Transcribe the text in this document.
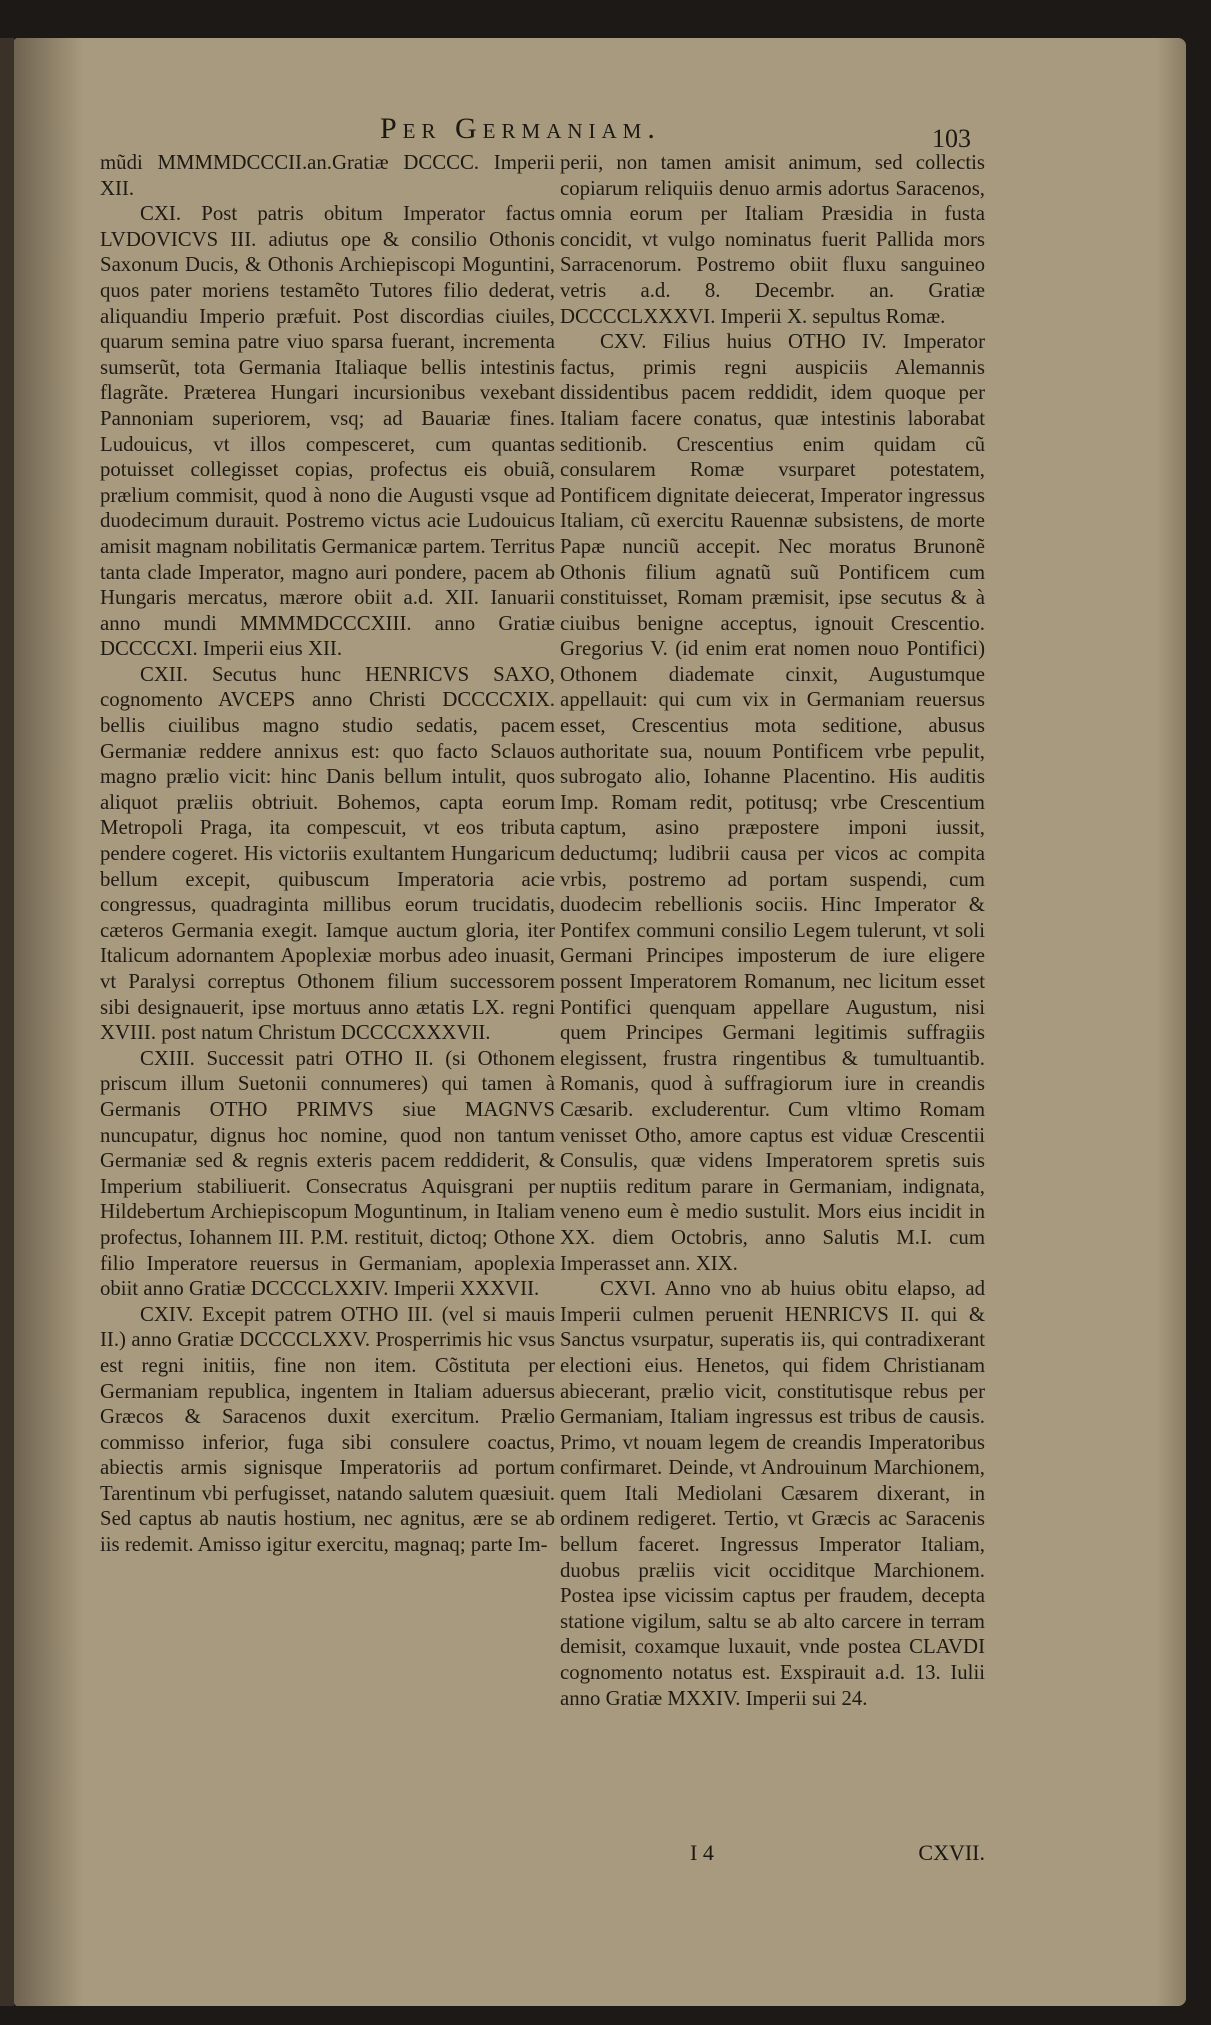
Per Germaniam.	103

mũdi MMMMDCCCII.an.Gratiæ DCCCC. Imperii XII.

CXI. Post patris obitum Imperator factus LVDOVICVS III. adiutus ope & consilio Othonis Saxonum Ducis, & Othonis Archiepiscopi Moguntini, quos pater moriens testamẽto Tutores filio dederat, aliquandiu Imperio præfuit. Post discordias ciuiles, quarum semina patre viuo sparsa fuerant, incrementa sumserũt, tota Germania Italiaque bellis intestinis flagrãte. Præterea Hungari incursionibus vexebant Pannoniam superiorem, vsq; ad Bauariæ fines. Ludouicus, vt illos compesceret, cum quantas potuisset collegisset copias, profectus eis obuiã, prælium commisit, quod à nono die Augusti vsque ad duodecimum durauit. Postremo victus acie Ludouicus amisit magnam nobilitatis Germanicæ partem. Territus tanta clade Imperator, magno auri pondere, pacem ab Hungaris mercatus, mærore obiit a.d. XII. Ianuarii anno mundi MMMMDCCCXIII. anno Gratiæ DCCCCXI. Imperii eius XII.

CXII. Secutus hunc HENRICVS SAXO, cognomento AVCEPS anno Christi DCCCCXIX. bellis ciuilibus magno studio sedatis, pacem Germaniæ reddere annixus est: quo facto Sclauos magno prælio vicit: hinc Danis bellum intulit, quos aliquot præliis obtriuit. Bohemos, capta eorum Metropoli Praga, ita compescuit, vt eos tributa pendere cogeret. His victoriis exultantem Hungaricum bellum excepit, quibuscum Imperatoria acie congressus, quadraginta millibus eorum trucidatis, cæteros Germania exegit. Iamque auctum gloria, iter Italicum adornantem Apoplexiæ morbus adeo inuasit, vt Paralysi correptus Othonem filium successorem sibi designauerit, ipse mortuus anno ætatis LX. regni XVIII. post natum Christum DCCCCXXXVII.

CXIII. Successit patri OTHO II. (si Othonem priscum illum Suetonii connumeres) qui tamen à Germanis OTHO PRIMVS siue MAGNVS nuncupatur, dignus hoc nomine, quod non tantum Germaniæ sed & regnis exteris pacem reddiderit, & Imperium stabiliuerit. Consecratus Aquisgrani per Hildebertum Archiepiscopum Moguntinum, in Italiam profectus, Iohannem III. P.M. restituit, dictoq; Othone filio Imperatore reuersus in Germaniam, apoplexia obiit anno Gratiæ DCCCCLXXIV. Imperii XXXVII.

CXIV. Excepit patrem OTHO III. (vel si mauis II.) anno Gratiæ DCCCCLXXV. Prosperrimis hic vsus est regni initiis, fine non item. Cõstituta per Germaniam republica, ingentem in Italiam aduersus Græcos & Saracenos duxit exercitum. Prælio commisso inferior, fuga sibi consulere coactus, abiectis armis signisque Imperatoriis ad portum Tarentinum vbi perfugisset, natando salutem quæsiuit. Sed captus ab nautis hostium, nec agnitus, ære se ab iis redemit. Amisso igitur exercitu, magnaq; parte Im-

perii, non tamen amisit animum, sed collectis copiarum reliquiis denuo armis adortus Saracenos, omnia eorum per Italiam Præsidia in fusta concidit, vt vulgo nominatus fuerit Pallida mors Sarracenorum. Postremo obiit fluxu sanguineo vetris a.d. 8. Decembr. an. Gratiæ DCCCCLXXXVI. Imperii X. sepultus Romæ.

CXV. Filius huius OTHO IV. Imperator factus, primis regni auspiciis Alemannis dissidentibus pacem reddidit, idem quoque per Italiam facere conatus, quæ intestinis laborabat seditionib. Crescentius enim quidam cũ consularem Romæ vsurparet potestatem, Pontificem dignitate deiecerat, Imperator ingressus Italiam, cũ exercitu Rauennæ subsistens, de morte Papæ nunciũ accepit. Nec moratus Brunonẽ Othonis filium agnatũ suũ Pontificem cum constituisset, Romam præmisit, ipse secutus & à ciuibus benigne acceptus, ignouit Crescentio. Gregorius V. (id enim erat nomen nouo Pontifici) Othonem diademate cinxit, Augustumque appellauit: qui cum vix in Germaniam reuersus esset, Crescentius mota seditione, abusus authoritate sua, nouum Pontificem vrbe pepulit, subrogato alio, Iohanne Placentino. His auditis Imp. Romam redit, potitusq; vrbe Crescentium captum, asino præpostere imponi iussit, deductumq; ludibrii causa per vicos ac compita vrbis, postremo ad portam suspendi, cum duodecim rebellionis sociis. Hinc Imperator & Pontifex communi consilio Legem tulerunt, vt soli Germani Principes imposterum de iure eligere possent Imperatorem Romanum, nec licitum esset Pontifici quenquam appellare Augustum, nisi quem Principes Germani legitimis suffragiis elegissent, frustra ringentibus & tumultuantib. Romanis, quod à suffragiorum iure in creandis Cæsarib. excluderentur. Cum vltimo Romam venisset Otho, amore captus est viduæ Crescentii Consulis, quæ videns Imperatorem spretis suis nuptiis reditum parare in Germaniam, indignata, veneno eum è medio sustulit. Mors eius incidit in XX. diem Octobris, anno Salutis M.I. cum Imperasset ann. XIX.

CXVI. Anno vno ab huius obitu elapso, ad Imperii culmen peruenit HENRICVS II. qui & Sanctus vsurpatur, superatis iis, qui contradixerant electioni eius. Henetos, qui fidem Christianam abiecerant, prælio vicit, constitutisque rebus per Germaniam, Italiam ingressus est tribus de causis. Primo, vt nouam legem de creandis Imperatoribus confirmaret. Deinde, vt Androuinum Marchionem, quem Itali Mediolani Cæsarem dixerant, in ordinem redigeret. Tertio, vt Græcis ac Saracenis bellum faceret. Ingressus Imperator Italiam, duobus præliis vicit occiditque Marchionem. Postea ipse vicissim captus per fraudem, decepta statione vigilum, saltu se ab alto carcere in terram demisit, coxamque luxauit, vnde postea CLAVDI cognomento notatus est. Exspirauit a.d. 13. Iulii anno Gratiæ MXXIV. Imperii sui 24.

I 4	CXVII.
